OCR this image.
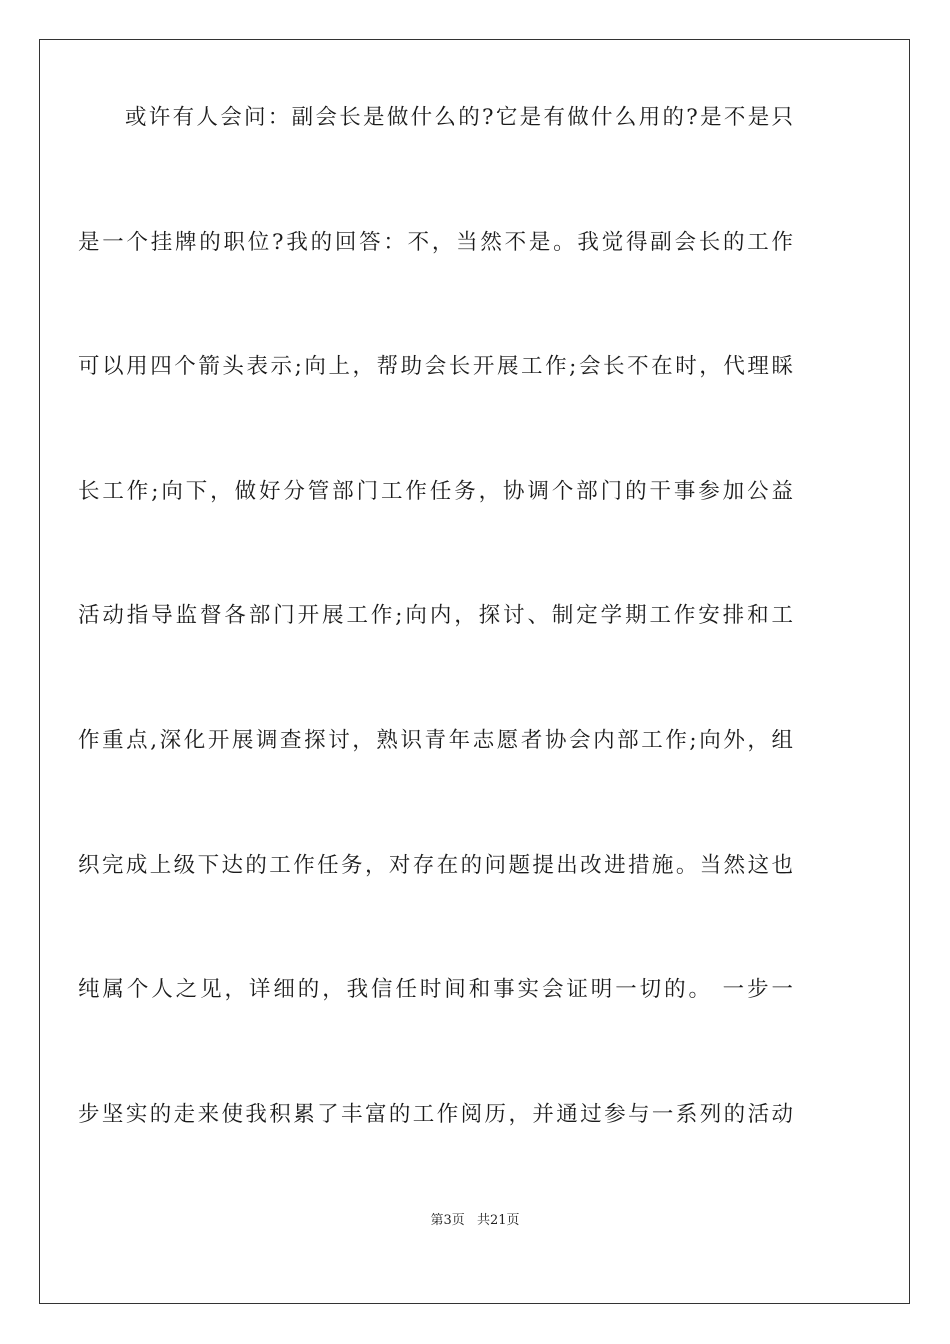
或许有人会问：副会长是做什么的?它是有做什么用的?是不是只
是一个挂牌的职位?我的回答：不，当然不是。我觉得副会长的工作
可以用四个箭头表示;向上，帮助会长开展工作;会长不在时，代理睬
长工作;向下，做好分管部门工作任务，协调个部门的干事参加公益
活动指导监督各部门开展工作;向内，探讨、制定学期工作安排和工
作重点,深化开展调查探讨，熟识青年志愿者协会内部工作;向外，组
织完成上级下达的工作任务，对存在的问题提出改进措施。当然这也
纯属个人之见，详细的，我信任时间和事实会证明一切的。 一步一
步坚实的走来使我积累了丰富的工作阅历，并通过参与一系列的活动
第3页 共21页
